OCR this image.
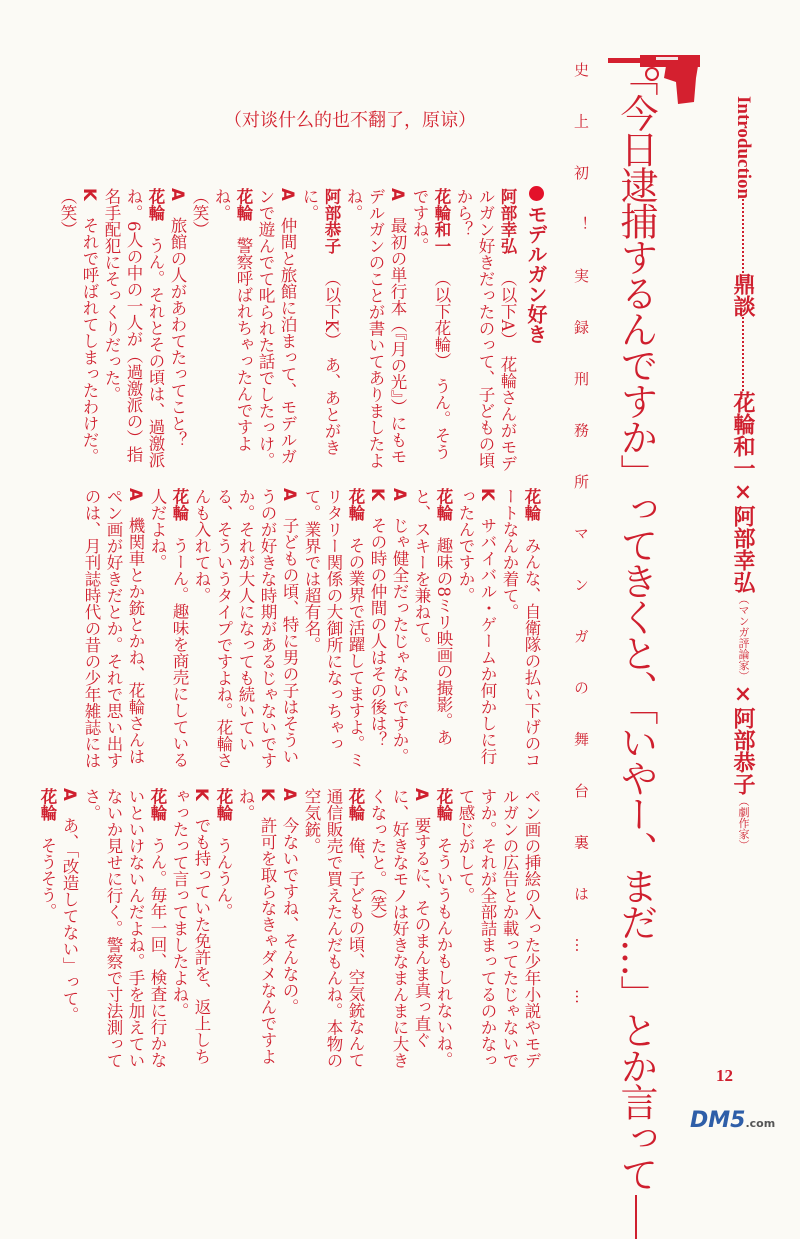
（对谈什么的也不翻了，原谅）	Introduction鼎談花輪和一×阿部幸弘（マンガ評論家）×阿部恭子（劇作家）
「今日逮捕するんですか」ってきくと、「いやー、まだ…」とか言って
史上初！実録刑務所マンガの舞台裏は……
モデルガン好き

阿部幸弘（以下A）　花輪さんがモデルガン好きだったのって、子どもの頃から？

花輪和一（以下花輪）　うん。そうですね。

A最初の単行本（『月の光』）にもモデルガンのことが書いてありましたよね。

阿部恭子（以下K）　あ、あとがきに。

A仲間と旅館に泊まって、モデルガンで遊んでて叱られた話でしたっけ。

花輪警察呼ばれちゃったんですよね。

（笑）

A旅館の人があわてたってこと？

花輪うん。それとその頃は、過激派ね。6人の中の一人が（過激派の）指名手配犯にそっくりだった。

Kそれで呼ばれてしまったわけだ。

（笑）

花輪みんな、自衛隊の払い下げのコートなんか着て。

Kサバイバル・ゲームか何かしに行ったんですか。

花輪趣味の8ミリ映画の撮影。あと、スキーを兼ねて。

Aじゃ健全だったじゃないですか。

Kその時の仲間の人はその後は？

花輪その業界で活躍してますよ。ミリタリー関係の大御所になっちゃって。業界では超有名。

A子どもの頃、特に男の子はそういうのが好きな時期があるじゃないですか。それが大人になっても続いている、そういうタイプですよね。花輪さんも入れてね。

花輪うーん。趣味を商売にしている人だよね。

A機関車とか銃とかね、花輪さんはペン画が好きだとか。それで思い出すのは、月刊誌時代の昔の少年雑誌には

ペン画の挿絵の入った少年小説やモデルガンの広告とか載ってたじゃないですか。それが全部詰まってるのかなって感じがして。

花輪そういうもんかもしれないね。

A要するに、そのまんま真っ直ぐに、好きなモノは好きなまんまに大きくなったと。（笑）

花輪俺、子どもの頃、空気銃なんて通信販売で買えたんだもんね。本物の空気銃。

A今ないですね、そんなの。

K許可を取らなきゃダメなんですよね。

花輪うんうん。

Kでも持っていた免許を、返上しちゃったって言ってましたよね。

花輪うん。毎年一回、検査に行かないといけないんだよね。手を加えていないか見せに行く。警察で寸法測ってさ。

Aあ、「改造してない」って。

花輪そうそう。

12
DM5.com
